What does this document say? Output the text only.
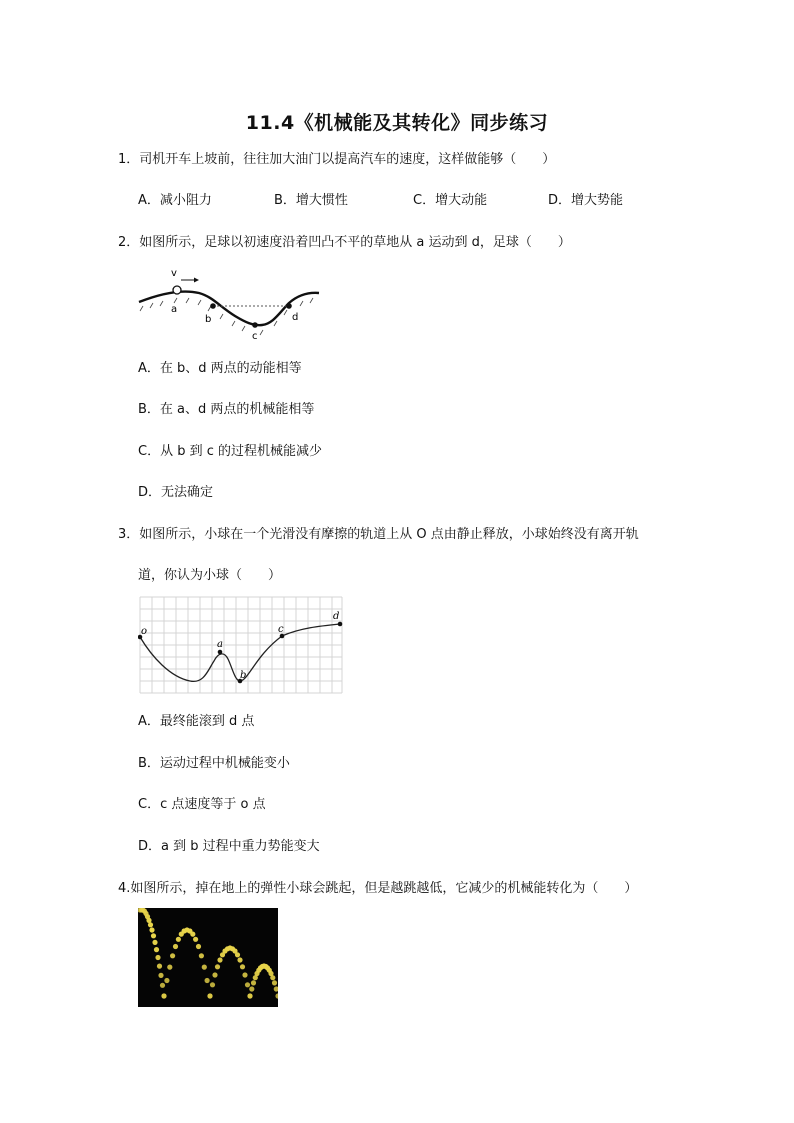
11.4《机械能及其转化》同步练习
1．司机开车上坡前，往往加大油门以提高汽车的速度，这样做能够（　　）
A．减小阻力	B．增大惯性	C．增大动能	D．增大势能
2．如图所示，足球以初速度沿着凹凸不平的草地从 a 运动到 d，足球（　　）
v
a
b
c
d
A．在 b、d 两点的动能相等
B．在 a、d 两点的机械能相等
C．从 b 到 c 的过程机械能减少
D．无法确定
3．如图所示，小球在一个光滑没有摩擦的轨道上从 O 点由静止释放，小球始终没有离开轨
道，你认为小球（　　）
o
a
b
c
d
A．最终能滚到 d 点
B．运动过程中机械能变小
C．c 点速度等于 o 点
D．a 到 b 过程中重力势能变大
4.如图所示，掉在地上的弹性小球会跳起，但是越跳越低，它减少的机械能转化为（　　）
